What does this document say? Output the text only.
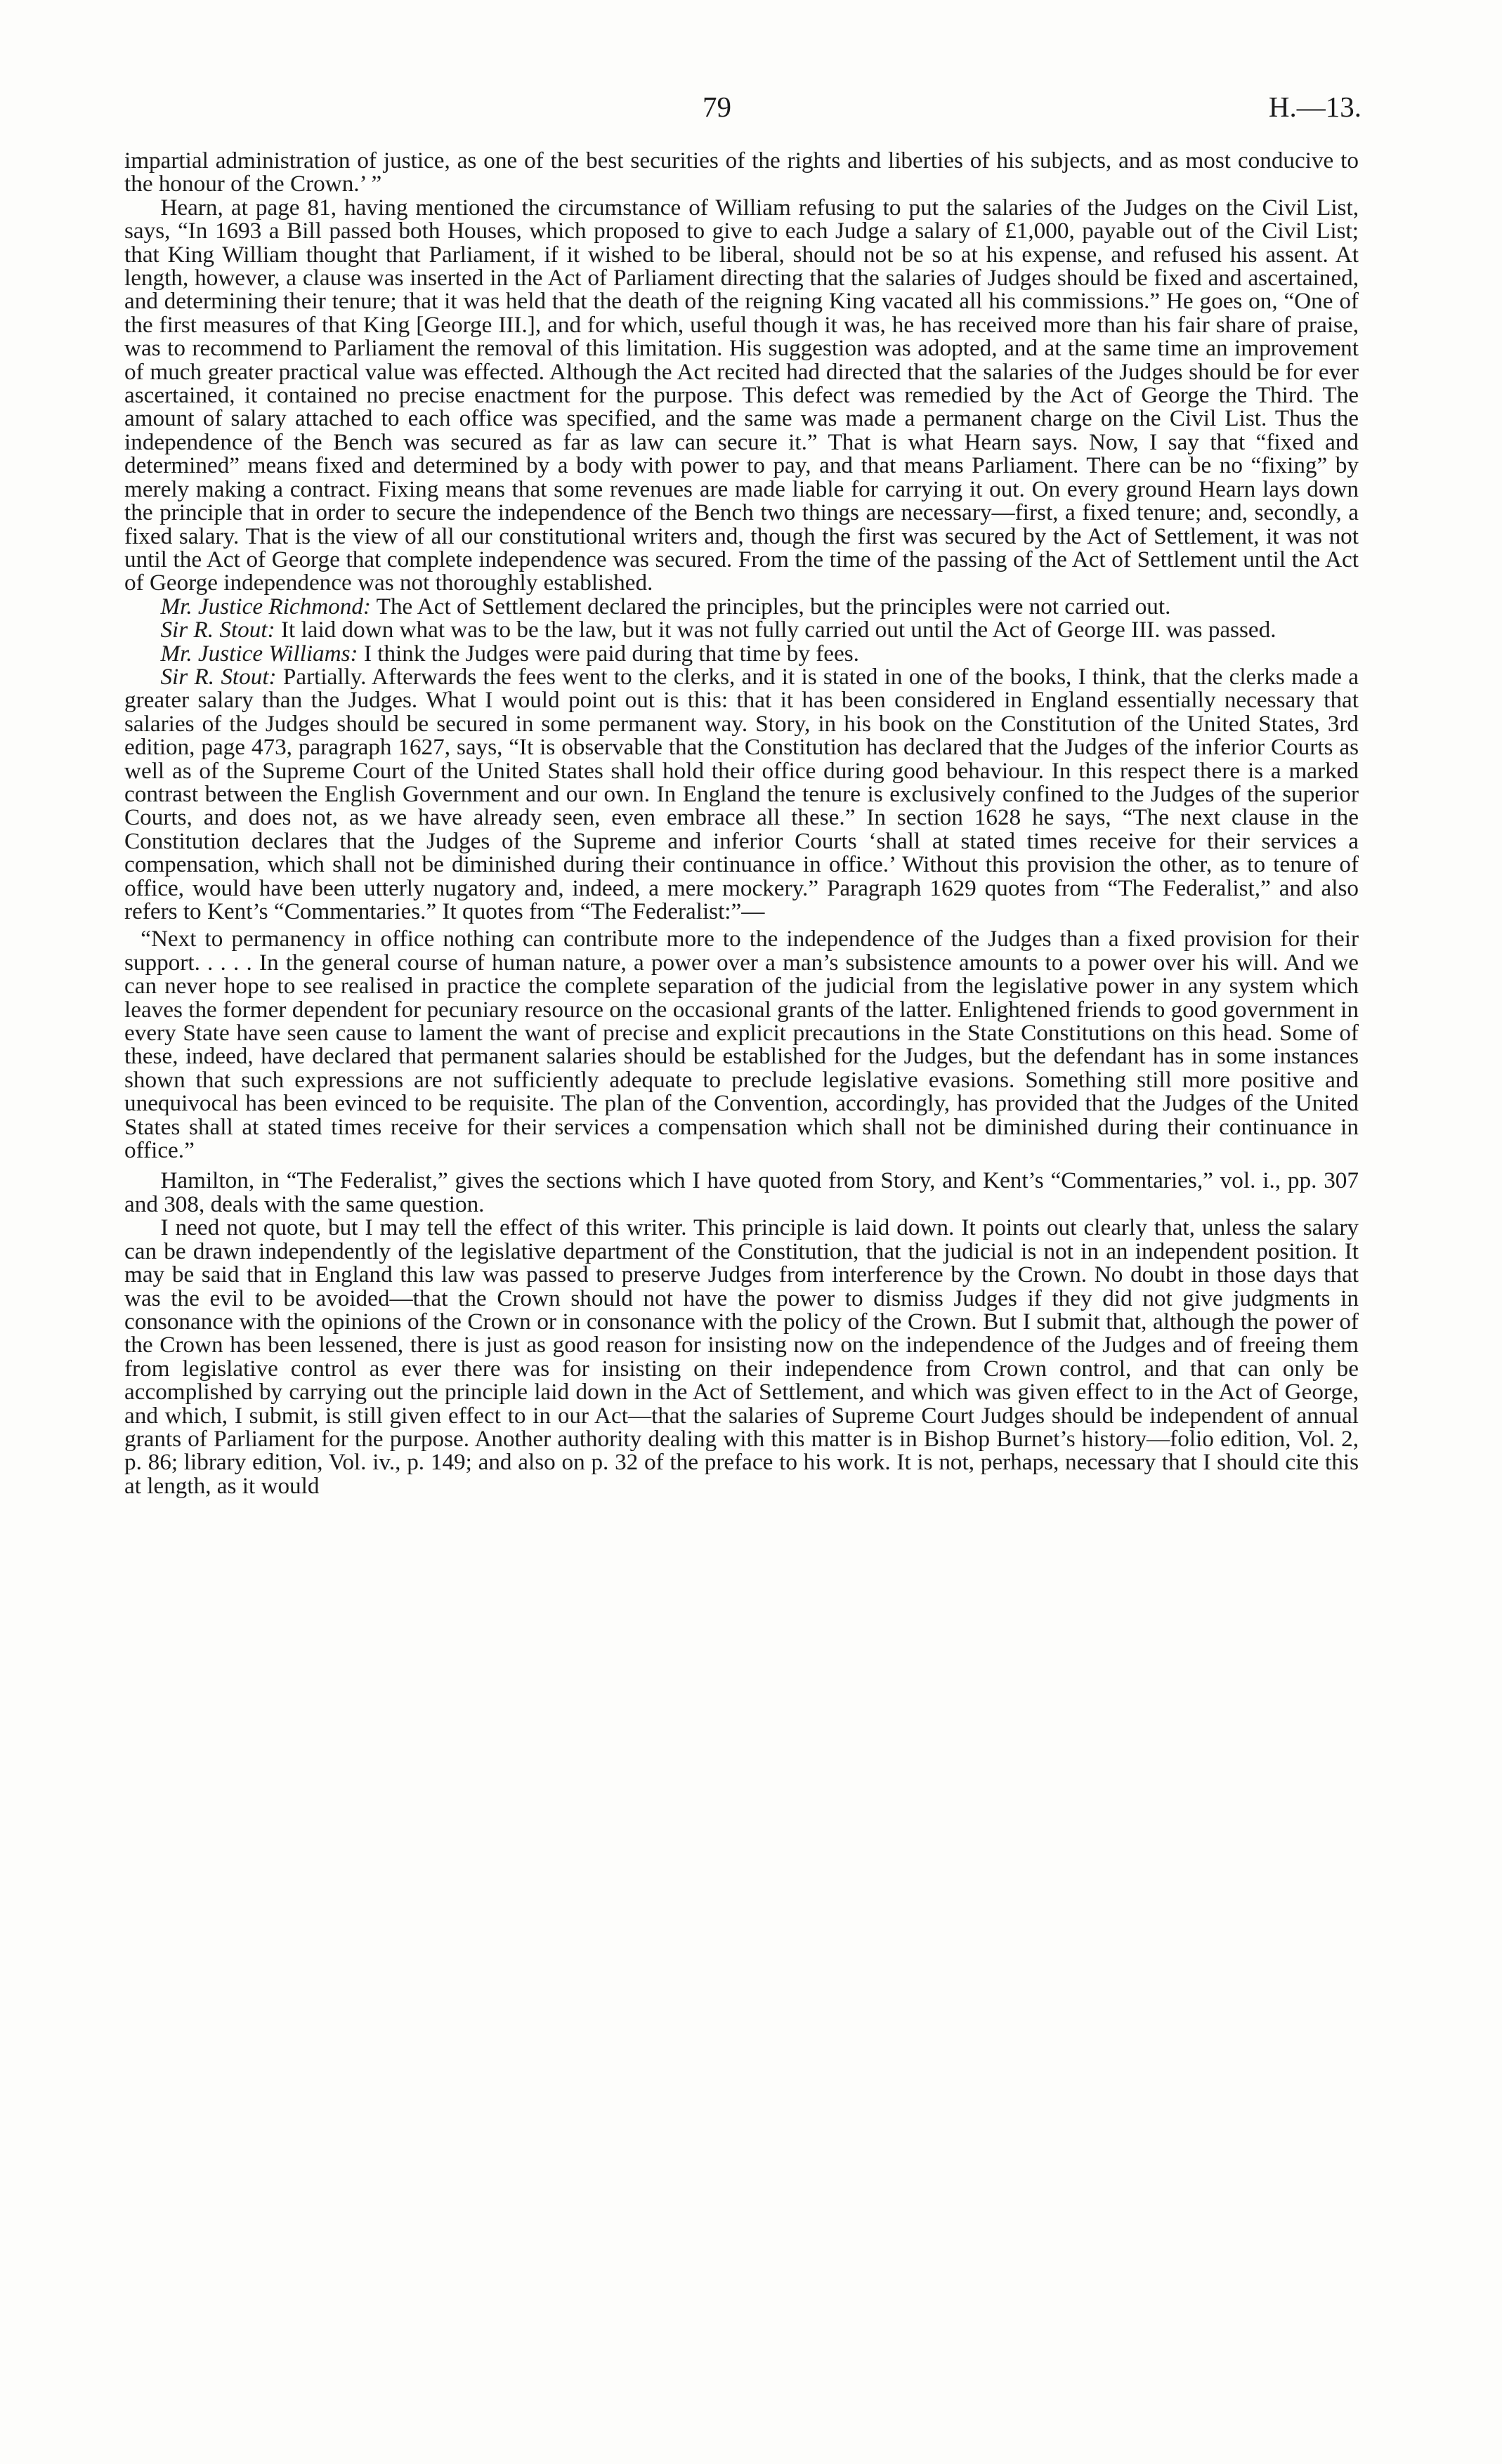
79	H.—13.

impartial administration of justice, as one of the best securities of the rights and liberties of his subjects, and as most conducive to the honour of the Crown.’ ”

Hearn, at page 81, having mentioned the circumstance of William refusing to put the salaries of the Judges on the Civil List, says, “In 1693 a Bill passed both Houses, which proposed to give to each Judge a salary of £1,000, payable out of the Civil List; that King William thought that Parliament, if it wished to be liberal, should not be so at his expense, and refused his assent. At length, however, a clause was inserted in the Act of Parliament directing that the salaries of Judges should be fixed and ascertained, and determining their tenure; that it was held that the death of the reigning King vacated all his commissions.” He goes on, “One of the first measures of that King [George III.], and for which, useful though it was, he has received more than his fair share of praise, was to recommend to Parliament the removal of this limitation. His suggestion was adopted, and at the same time an improvement of much greater practical value was effected. Although the Act recited had directed that the salaries of the Judges should be for ever ascertained, it contained no precise enactment for the purpose. This defect was remedied by the Act of George the Third. The amount of salary attached to each office was specified, and the same was made a permanent charge on the Civil List. Thus the independence of the Bench was secured as far as law can secure it.” That is what Hearn says. Now, I say that “fixed and determined” means fixed and determined by a body with power to pay, and that means Parliament. There can be no “fixing” by merely making a contract. Fixing means that some revenues are made liable for carrying it out. On every ground Hearn lays down the principle that in order to secure the independence of the Bench two things are necessary—first, a fixed tenure; and, secondly, a fixed salary. That is the view of all our constitutional writers and, though the first was secured by the Act of Settlement, it was not until the Act of George that complete independence was secured. From the time of the passing of the Act of Settlement until the Act of George independence was not thoroughly established.

Mr. Justice Richmond: The Act of Settlement declared the principles, but the principles were not carried out.

Sir R. Stout: It laid down what was to be the law, but it was not fully carried out until the Act of George III. was passed.

Mr. Justice Williams: I think the Judges were paid during that time by fees.

Sir R. Stout: Partially. Afterwards the fees went to the clerks, and it is stated in one of the books, I think, that the clerks made a greater salary than the Judges. What I would point out is this: that it has been considered in England essentially necessary that salaries of the Judges should be secured in some permanent way. Story, in his book on the Constitution of the United States, 3rd edition, page 473, paragraph 1627, says, “It is observable that the Constitution has declared that the Judges of the inferior Courts as well as of the Supreme Court of the United States shall hold their office during good behaviour. In this respect there is a marked contrast between the English Government and our own. In England the tenure is exclusively confined to the Judges of the superior Courts, and does not, as we have already seen, even embrace all these.” In section 1628 he says, “The next clause in the Constitution declares that the Judges of the Supreme and inferior Courts ‘shall at stated times receive for their services a compensation, which shall not be diminished during their continuance in office.’ Without this provision the other, as to tenure of office, would have been utterly nugatory and, indeed, a mere mockery.” Paragraph 1629 quotes from “The Federalist,” and also refers to Kent’s “Commentaries.” It quotes from “The Federalist:”—

“Next to permanency in office nothing can contribute more to the independence of the Judges than a fixed provision for their support. . . . . In the general course of human nature, a power over a man’s subsistence amounts to a power over his will. And we can never hope to see realised in practice the complete separation of the judicial from the legislative power in any system which leaves the former dependent for pecuniary resource on the occasional grants of the latter. Enlightened friends to good government in every State have seen cause to lament the want of precise and explicit precautions in the State Constitutions on this head. Some of these, indeed, have declared that permanent salaries should be established for the Judges, but the defendant has in some instances shown that such expressions are not sufficiently adequate to preclude legislative evasions. Something still more positive and unequivocal has been evinced to be requisite. The plan of the Convention, accordingly, has provided that the Judges of the United States shall at stated times receive for their services a compensation which shall not be diminished during their continuance in office.”

Hamilton, in “The Federalist,” gives the sections which I have quoted from Story, and Kent’s “Commentaries,” vol. i., pp. 307 and 308, deals with the same question.

I need not quote, but I may tell the effect of this writer. This principle is laid down. It points out clearly that, unless the salary can be drawn independently of the legislative department of the Constitution, that the judicial is not in an independent position. It may be said that in England this law was passed to preserve Judges from interference by the Crown. No doubt in those days that was the evil to be avoided—that the Crown should not have the power to dismiss Judges if they did not give judgments in consonance with the opinions of the Crown or in consonance with the policy of the Crown. But I submit that, although the power of the Crown has been lessened, there is just as good reason for insisting now on the independence of the Judges and of freeing them from legislative control as ever there was for insisting on their independence from Crown control, and that can only be accomplished by carrying out the principle laid down in the Act of Settlement, and which was given effect to in the Act of George, and which, I submit, is still given effect to in our Act—that the salaries of Supreme Court Judges should be independent of annual grants of Parliament for the purpose. Another authority dealing with this matter is in Bishop Burnet’s history—folio edition, Vol. 2, p. 86; library edition, Vol. iv., p. 149; and also on p. 32 of the preface to his work. It is not, perhaps, necessary that I should cite this at length, as it would
